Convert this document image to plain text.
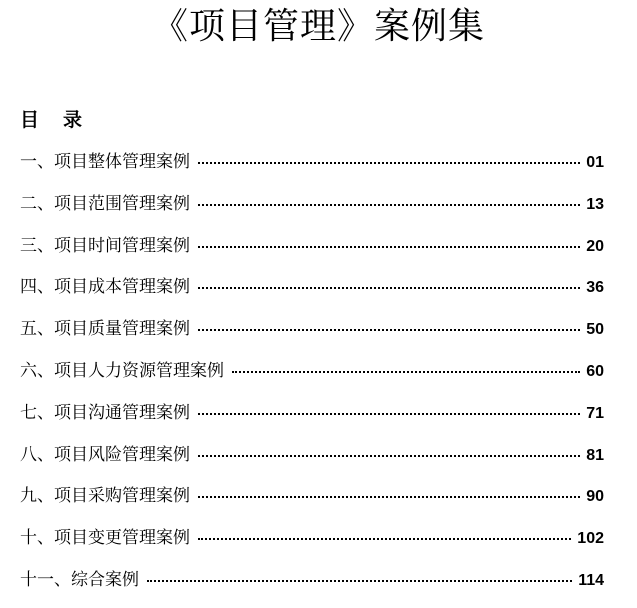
《项目管理》案例集
目 录
一、项目整体管理案例	01
二、项目范围管理案例	13
三、项目时间管理案例	20
四、项目成本管理案例	36
五、项目质量管理案例	50
六、项目人力资源管理案例	60
七、项目沟通管理案例	71
八、项目风险管理案例	81
九、项目采购管理案例	90
十、项目变更管理案例	102
十一、综合案例	114
